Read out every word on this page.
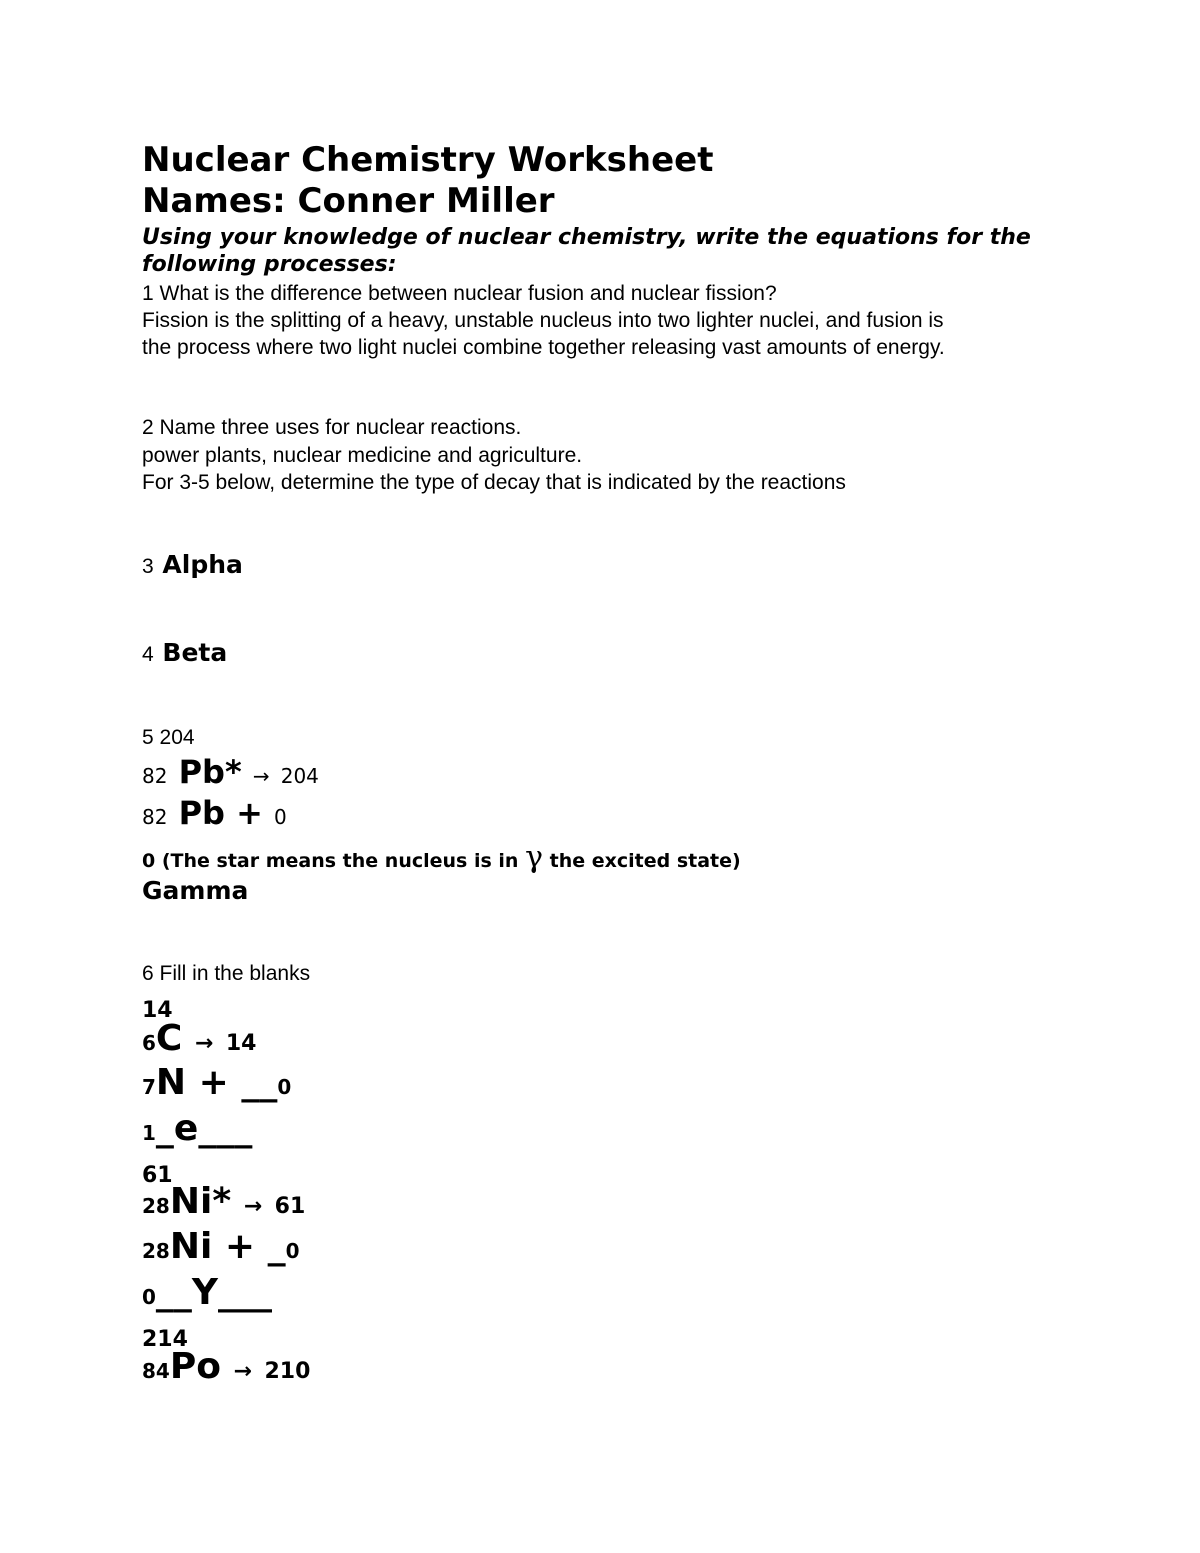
Nuclear Chemistry Worksheet
Names: Conner Miller
Using your knowledge of nuclear chemistry, write the equations for the
following processes:
1 What is the difference between nuclear fusion and nuclear fission?
Fission is the splitting of a heavy, unstable nucleus into two lighter nuclei, and fusion is
the process where two light nuclei combine together releasing vast amounts of energy.
2 Name three uses for nuclear reactions.
power plants, nuclear medicine and agriculture.
For 3-5 below, determine the type of decay that is indicated by the reactions
3 Alpha
4 Beta
5 204
82 Pb* → 204
82 Pb + 0
0 (The star means the nucleus is in γ the excited state)
Gamma
6 Fill in the blanks
14
6C → 14
7N + __0
1_e___
61
28Ni* → 61
28Ni + _0
0__Y___
214
84Po → 210
